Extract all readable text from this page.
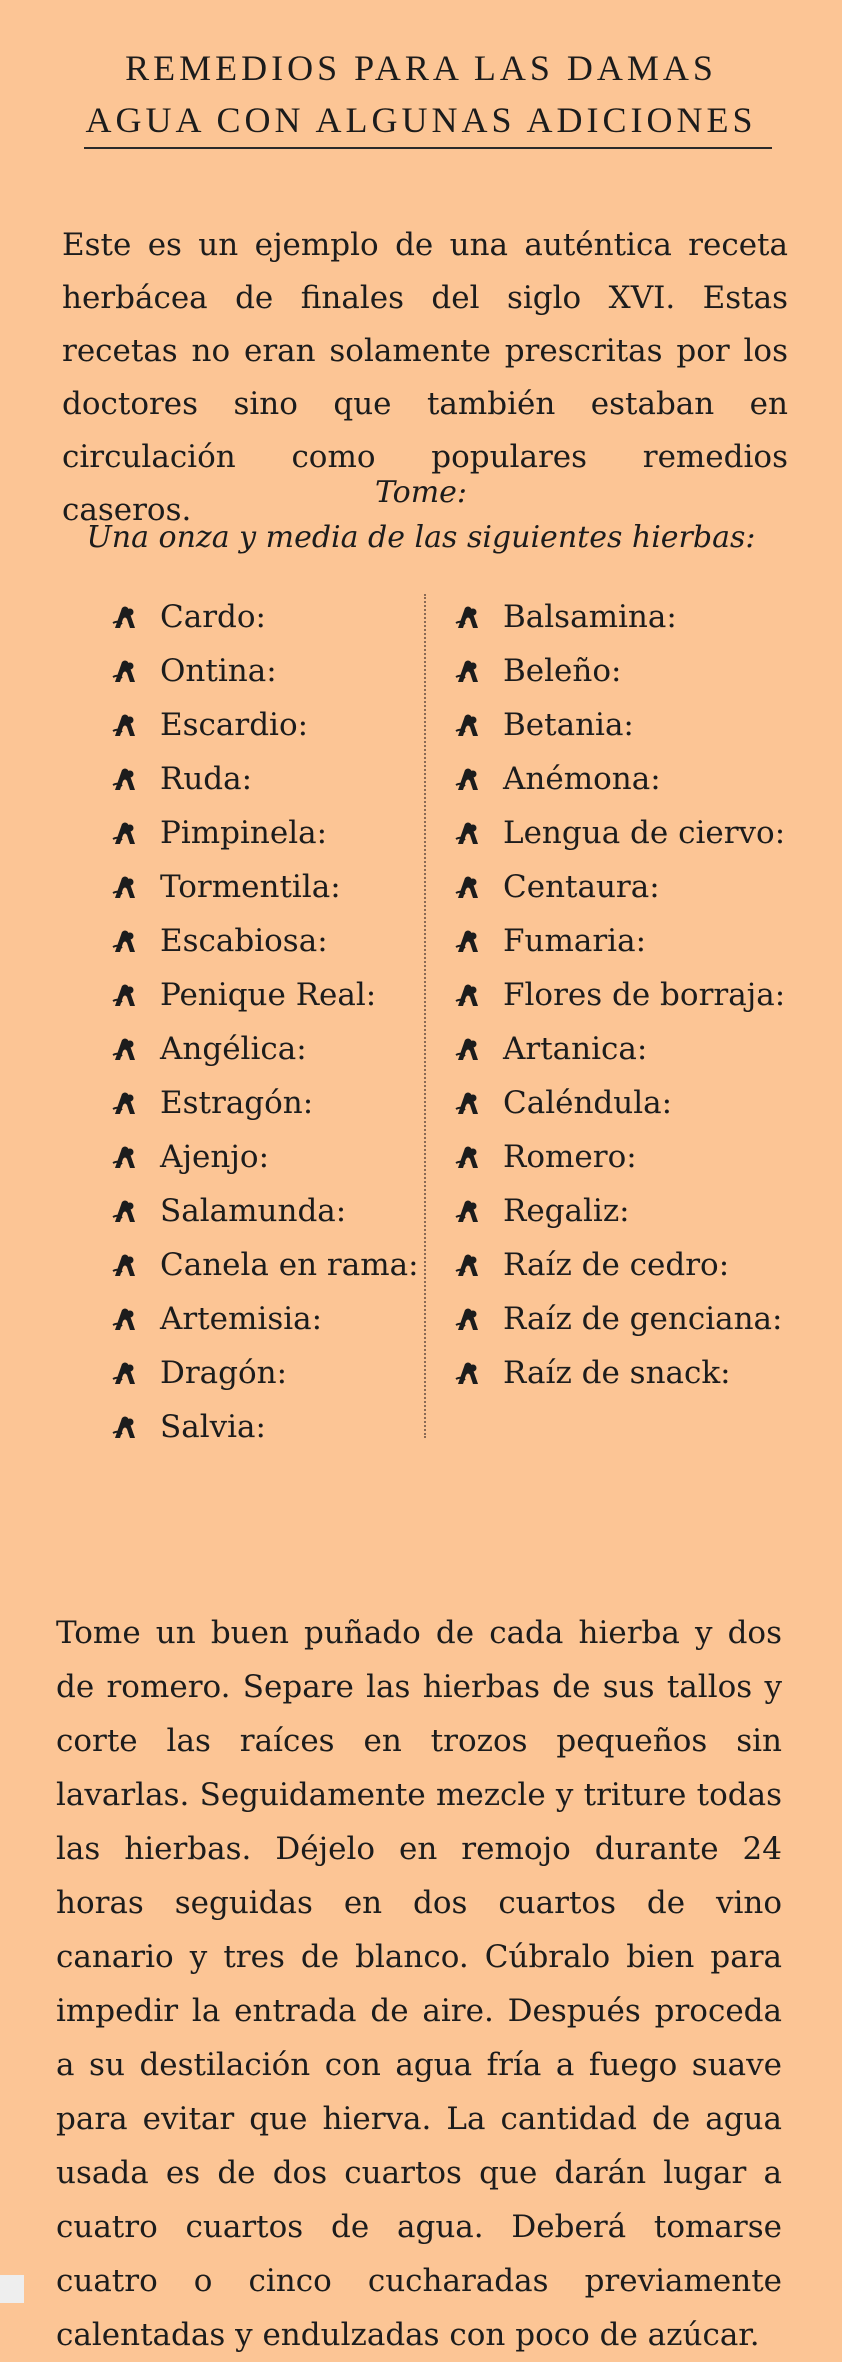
REMEDIOS PARA LAS DAMAS
AGUA CON ALGUNAS ADICIONES

Este es un ejemplo de una auténtica receta herbácea de finales del siglo XVI. Estas recetas no eran solamente prescritas por los doctores sino que también estaban en circulación como populares remedios caseros.	Tome:
Una onza y media de las siguientes hierbas:
Cardo:
Ontina:
Escardio:
Ruda:
Pimpinela:
Tormentila:
Escabiosa:
Penique Real:
Angélica:
Estragón:
Ajenjo:
Salamunda:
Canela en rama:
Artemisia:
Dragón:
Salvia:
Balsamina:
Beleño:
Betania:
Anémona:
Lengua de ciervo:
Centaura:
Fumaria:
Flores de borraja:
Artanica:
Caléndula:
Romero:
Regaliz:
Raíz de cedro:
Raíz de genciana:
Raíz de snack:

Tome un buen puñado de cada hierba y dos de romero. Separe las hierbas de sus tallos y corte las raíces en trozos pequeños sin lavarlas. Seguidamente mezcle y triture todas las hierbas. Déjelo en remojo durante 24 horas seguidas en dos cuartos de vino canario y tres de blanco. Cúbralo bien para impedir la entrada de aire. Después proceda a su destilación con agua fría a fuego suave para evitar que hierva. La cantidad de agua usada es de dos cuartos que darán lugar a cuatro cuartos de agua. Deberá tomarse cuatro o cinco cucharadas previamente calentadas y endulzadas con poco de azúcar.
